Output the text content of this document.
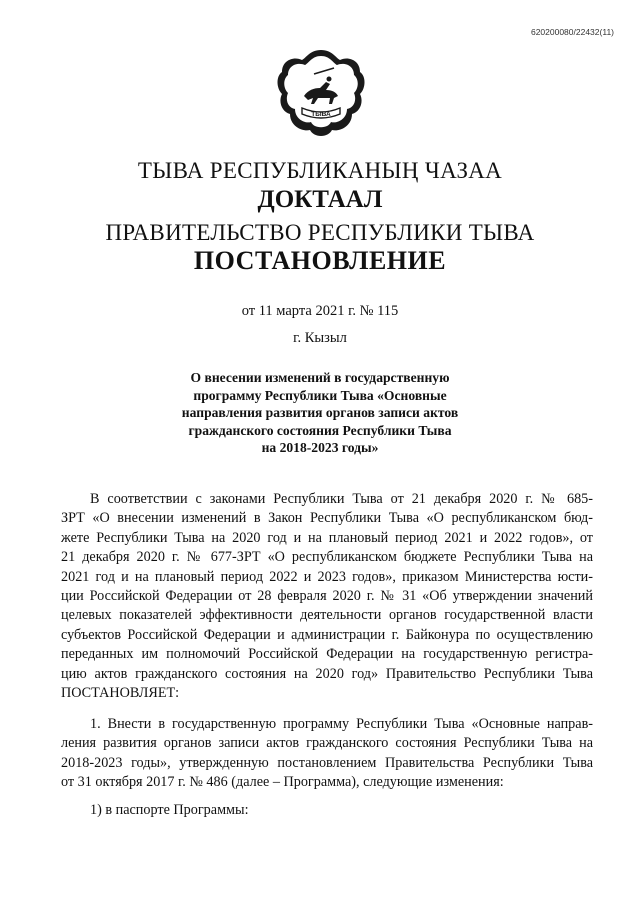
620200080/22432(11)
ТЫВА
ТЫВА РЕСПУБЛИКАНЫҢ ЧАЗАА
ДОКТААЛ
ПРАВИТЕЛЬСТВО РЕСПУБЛИКИ ТЫВА
ПОСТАНОВЛЕНИЕ
от 11 марта 2021 г. № 115
г. Кызыл
О внесении изменений в государственную
программу Республики Тыва «Основные
направления развития органов записи актов
гражданского состояния Республики Тыва
на 2018-2023 годы»
В соответствии с законами Республики Тыва от 21 декабря 2020 г. № 685-
ЗРТ «О внесении изменений в Закон Республики Тыва «О республиканском бюд-
жете Республики Тыва на 2020 год и на плановый период 2021 и 2022 годов», от
21 декабря 2020 г. № 677-ЗРТ «О республиканском бюджете Республики Тыва на
2021 год и на плановый период 2022 и 2023 годов», приказом Министерства юсти-
ции Российской Федерации от 28 февраля 2020 г. № 31 «Об утверждении значений
целевых показателей эффективности деятельности органов государственной власти
субъектов Российской Федерации и администрации г. Байконура по осуществлению
переданных им полномочий Российской Федерации на государственную регистра-
цию актов гражданского состояния на 2020 год» Правительство Республики Тыва
ПОСТАНОВЛЯЕТ:
1. Внести в государственную программу Республики Тыва «Основные направ-
ления развития органов записи актов гражданского состояния Республики Тыва на
2018-2023 годы», утвержденную постановлением Правительства Республики Тыва
от 31 октября 2017 г. № 486 (далее – Программа), следующие изменения:
1) в паспорте Программы:
